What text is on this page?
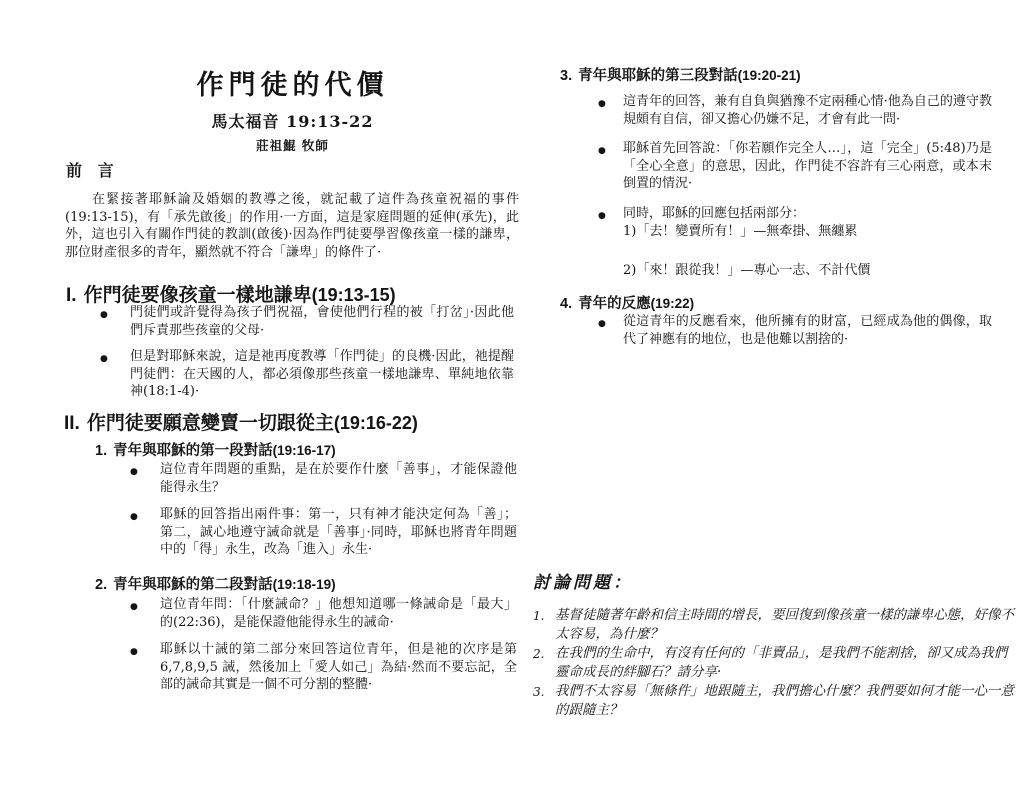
作門徒的代價
馬太福音 19:13-22
莊祖鯤 牧師
前 言
在緊接著耶穌論及婚姻的教導之後，就記載了這件為孩童祝福的事件(19:13-15)，有「承先啟後」的作用·一方面，這是家庭問題的延伸(承先)，此外，這也引入有關作門徒的教訓(啟後)·因為作門徒要學習像孩童一樣的謙卑，那位財產很多的青年，顯然就不符合「謙卑」的條件了·
I. 作門徒要像孩童一樣地謙卑(19:13-15)
●	門徒們或許覺得為孩子們祝福，會使他們行程的被「打岔」·因此他們斥責那些孩童的父母·
●	但是對耶穌來說，這是祂再度教導「作門徒」的良機·因此，祂提醒門徒們：在天國的人，都必須像那些孩童一樣地謙卑、單純地依靠神(18:1-4)·
II. 作門徒要願意變賣一切跟從主(19:16-22)
1. 青年與耶穌的第一段對話(19:16-17)
●	這位青年問題的重點，是在於要作什麼「善事」，才能保證他能得永生？
●	耶穌的回答指出兩件事：第一，只有神才能決定何為「善」；第二，誠心地遵守誡命就是「善事」·同時，耶穌也將青年問題中的「得」永生，改為「進入」永生·
2. 青年與耶穌的第二段對話(19:18-19)
●	這位青年問：「什麼誡命？」他想知道哪一條誡命是「最大」的(22:36)，是能保證他能得永生的誡命·
●	耶穌以十誡的第二部分來回答這位青年，但是祂的次序是第6,7,8,9,5 誡，然後加上「愛人如己」為結·然而不要忘記，全部的誡命其實是一個不可分割的整體·
3. 青年與耶穌的第三段對話(19:20-21)
●	這青年的回答，兼有自負與猶豫不定兩種心情·他為自己的遵守教規頗有自信，卻又擔心仍嫌不足，才會有此一問·
●	耶穌首先回答說：「你若願作完全人…」，這「完全」(5:48)乃是「全心全意」的意思，因此，作門徒不容許有三心兩意，或本末倒置的情況·
●	同時，耶穌的回應包括兩部分：
1)「去！變賣所有！」—無牽掛、無纏累
2)「來！跟從我！」—專心一志、不計代價
4. 青年的反應(19:22)
●	從這青年的反應看來，他所擁有的財富，已經成為他的偶像，取代了神應有的地位，也是他難以割捨的·
討論問題：
1. 基督徒隨著年齡和信主時間的增長，要回復到像孩童一樣的謙卑心態，好像不太容易，為什麼？
2. 在我們的生命中，有沒有任何的「非賣品」，是我們不能割捨，卻又成為我們靈命成長的絆腳石？請分享·
3. 我們不太容易「無條件」地跟隨主，我們擔心什麼？我們要如何才能一心一意的跟隨主？
